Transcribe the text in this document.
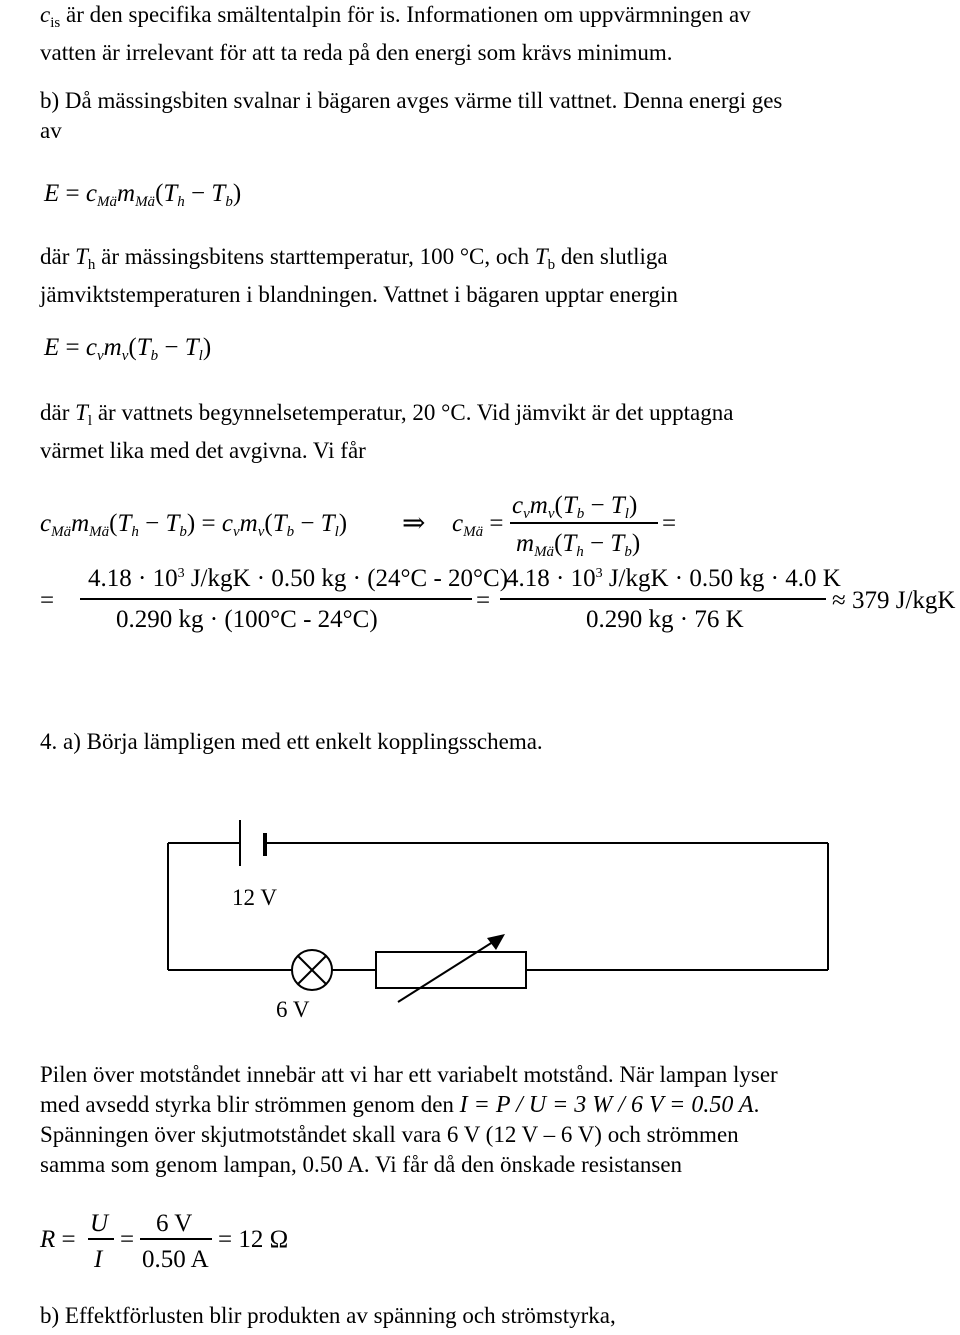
$c_{is}$ är den specifika smältentalpin för is. Informationen om uppvärmningen av
vatten är irrelevant för att ta reda på den energi som krävs minimum.
b) Då mässingsbiten svalnar i bägaren avges värme till vattnet. Denna energi ges
av
$E = c_{Mä}m_{Mä}(T_h - T_b)$
där $T_h$ är mässingsbitens starttemperatur, 100 °C, och $T_b$ den slutliga
jämviktstemperaturen i blandningen. Vattnet i bägaren upptar energin
$E = c_vm_v(T_b - T_l)$
där $T_l$ är vattnets begynnelsetemperatur, 20 °C. Vid jämvikt är det upptagna
värmet lika med det avgivna. Vi får
$c_{Mä}m_{Mä}(T_h - T_b) = c_vm_v(T_b - T_l)$ ⇒ $c_{Mä}$ =
$c_vm_v(T_b - T_l)$
$m_{Mä}(T_h - T_b)$
=
=
$4.18 \cdot 10^3$ J/kgK · 0.50 kg · (24°C - 20°C)
0.290 kg · (100°C - 24°C)
=
$4.18 \cdot 10^3$ J/kgK · 0.50 kg · 4.0 K
0.290 kg · 76 K
≈ 379 J/kgK
4. a) Börja lämpligen med ett enkelt kopplingsschema.
12 V
6 V
Pilen över motståndet innebär att vi har ett variabelt motstånd. När lampan lyser
med avsedd styrka blir strömmen genom den I = P / U = 3 W / 6 V = 0.50 A.
Spänningen över skjutmotståndet skall vara 6 V (12 V – 6 V) och strömmen
samma som genom lampan, 0.50 A. Vi får då den önskade resistansen
R =
U
I
=
6 V
0.50 A
= 12 Ω
b) Effektförlusten blir produkten av spänning och strömstyrka,
